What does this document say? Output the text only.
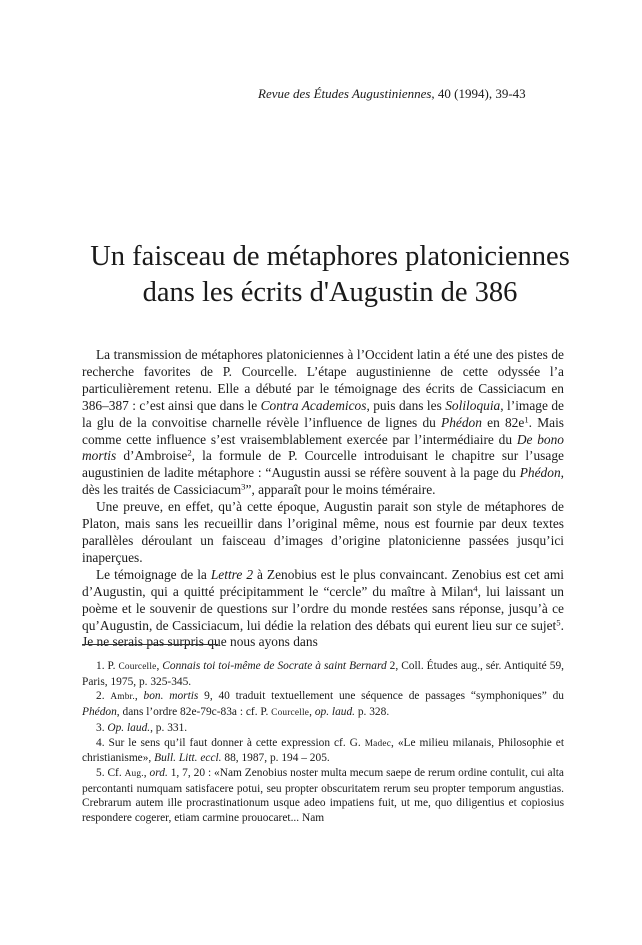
Revue des Études Augustiniennes, 40 (1994), 39-43
Un faisceau de métaphores platoniciennes
dans les écrits d'Augustin de 386

La transmission de métaphores platoniciennes à l’Occident latin a été une des pistes de recherche favorites de P. Courcelle. L’étape augustinienne de cette odyssée l’a particulièrement retenu. Elle a débuté par le témoignage des écrits de Cassiciacum en 386–387 : c’est ainsi que dans le Contra Academicos, puis dans les Soliloquia, l’image de la glu de la convoitise charnelle révèle l’influence de lignes du Phédon en $82e^1$. Mais comme cette influence s’est vraisemblablement exercée par l’intermédiaire du De bono mortis d’Ambroise$^2$, la formule de P. Courcelle introduisant le chapitre sur l’usage augustinien de ladite métaphore : “Augustin aussi se réfère souvent à la page du Phédon, dès les traités de Cassiciacum$^3$”, apparaît pour le moins téméraire.

Une preuve, en effet, qu’à cette époque, Augustin parait son style de métaphores de Platon, mais sans les recueillir dans l’original même, nous est fournie par deux textes parallèles déroulant un faisceau d’images d’origine platonicienne passées jusqu’ici inaperçues.

Le témoignage de la Lettre 2 à Zenobius est le plus convaincant. Zenobius est cet ami d’Augustin, qui a quitté précipitamment le “cercle” du maître à Milan$^4$, lui laissant un poème et le souvenir de questions sur l’ordre du monde restées sans réponse, jusqu’à ce qu’Augustin, de Cassiciacum, lui dédie la relation des débats qui eurent lieu sur ce sujet$^5$. Je ne serais pas surpris que nous ayons dans

1. P. Courcelle, Connais toi toi-même de Socrate à saint Bernard 2, Coll. Études aug., sér. Antiquité 59, Paris, 1975, p. 325-345.

2. Ambr., bon. mortis 9, 40 traduit textuellement une séquence de passages “symphoniques” du Phédon, dans l’ordre 82e-79c-83a : cf. P. Courcelle, op. laud. p. 328.

3. Op. laud., p. 331.

4. Sur le sens qu’il faut donner à cette expression cf. G. Madec, «Le milieu milanais, Philosophie et christianisme», Bull. Litt. eccl. 88, 1987, p. 194 – 205.

5. Cf. Aug., ord. 1, 7, 20 : «Nam Zenobius noster multa mecum saepe de rerum ordine contulit, cui alta percontanti numquam satisfacere potui, seu propter obscuritatem rerum seu propter temporum angustias. Crebrarum autem ille procrastinationum usque adeo impatiens fuit, ut me, quo diligentius et copiosius respondere cogerer, etiam carmine prouocaret... Nam
